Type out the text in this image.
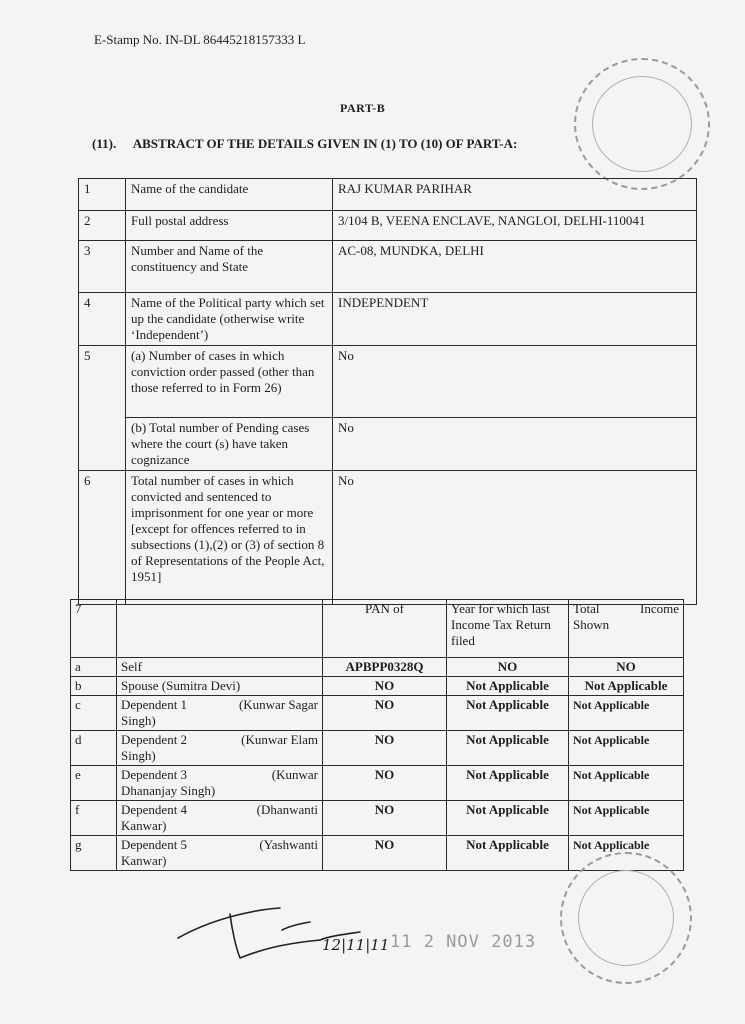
E-Stamp No. IN-DL 86445218157333 L
PART-B
(11). ABSTRACT OF THE DETAILS GIVEN IN (1) TO (10) OF PART-A:
1	Name of the candidate	RAJ KUMAR PARIHAR
2	Full postal address	3/104 B, VEENA ENCLAVE, NANGLOI, DELHI-110041
3	Number and Name of the constituency and State	AC-08, MUNDKA, DELHI
4	Name of the Political party which set up the candidate (otherwise write ‘Independent’)	INDEPENDENT
5	(a) Number of cases in which conviction order passed (other than those referred to in Form 26)	No
	(b) Total number of Pending cases where the court (s) have taken cognizance	No
6	Total number of cases in which convicted and sentenced to imprisonment for one year or more [except for offences referred to in subsections (1),(2) or (3) of section 8 of Representations of the People Act, 1951]	No
7		PAN of	Year for which last Income Tax Return filed	Total Income
Shown

a	Self	APBPP0328Q	NO	NO
b	Spouse (Sumitra Devi)	NO	Not Applicable	Not Applicable
c	Dependent 1 (Kunwar Sagar
Singh)	NO	Not Applicable	Not Applicable
d	Dependent 2 (Kunwar Elam
Singh)	NO	Not Applicable	Not Applicable
e	Dependent 3 (Kunwar
Dhananjay Singh)	NO	Not Applicable	Not Applicable
f	Dependent 4 (Dhanwanti
Kanwar)	NO	Not Applicable	Not Applicable
g	Dependent 5 (Yashwanti
Kanwar)	NO	Not Applicable	Not Applicable
12|11|11 11 2 NOV 2013
